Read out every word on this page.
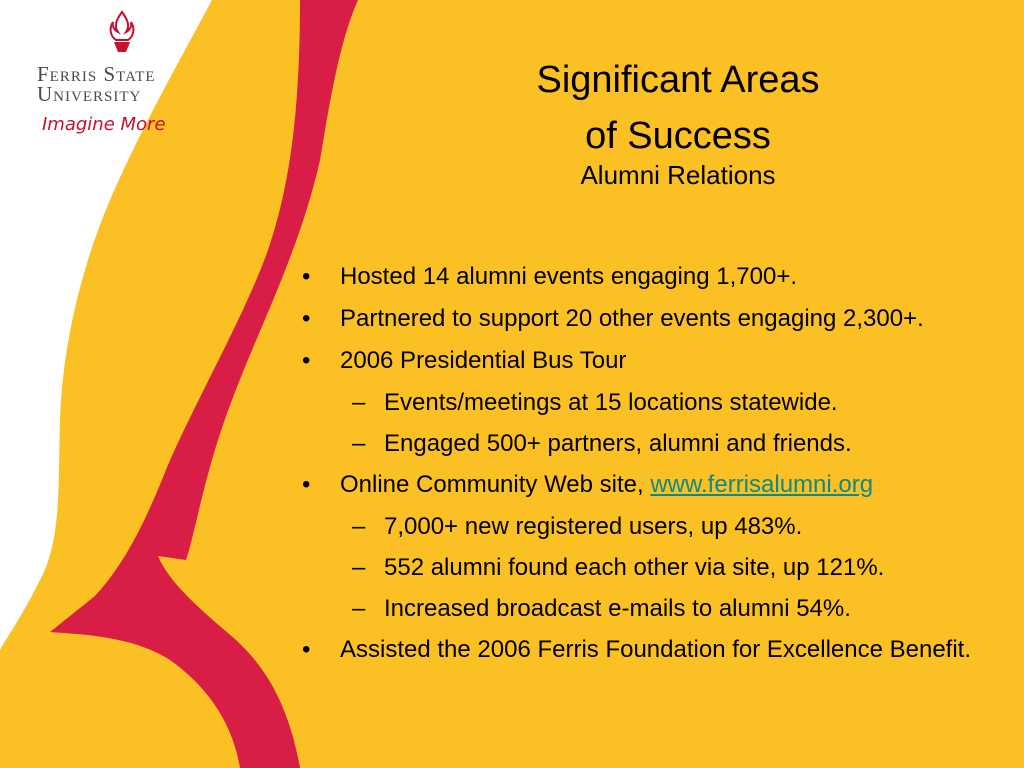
Ferris State
University
Imagine More
Significant Areas
of Success
Alumni Relations
• Hosted 14 alumni events engaging 1,700+.
• Partnered to support 20 other events engaging 2,300+.
• 2006 Presidential Bus Tour
– Events/meetings at 15 locations statewide.
– Engaged 500+ partners, alumni and friends.
• Online Community Web site, www.ferrisalumni.org
– 7,000+ new registered users, up 483%.
– 552 alumni found each other via site, up 121%.
– Increased broadcast e-mails to alumni 54%.
• Assisted the 2006 Ferris Foundation for Excellence Benefit.
